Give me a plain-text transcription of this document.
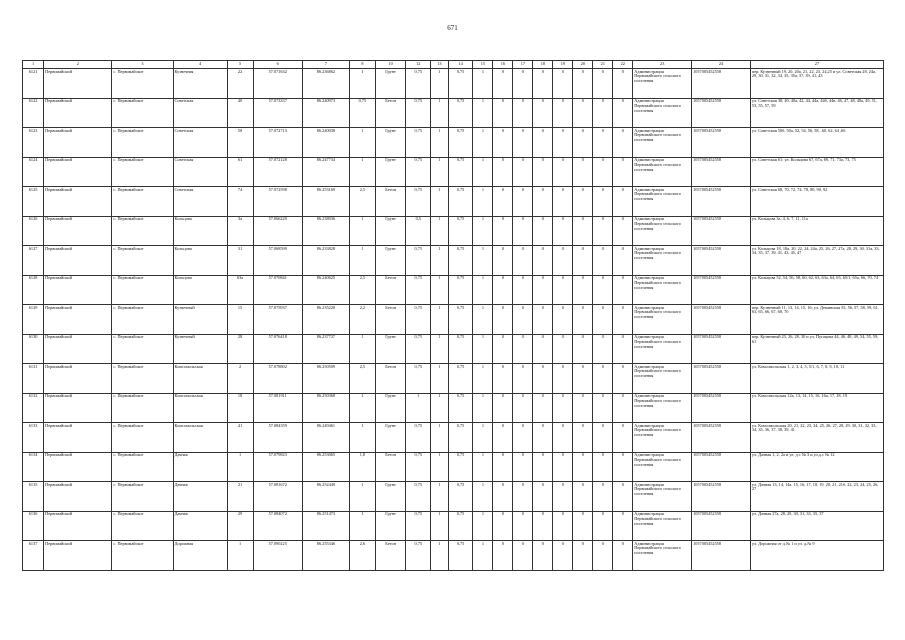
671
1	2	3	4	5	6	7	8	10	12	13	14	15	16	17	18	19	20	21	22	23	24	27
6121	Первомайский	с. Первомайское	Кузнечная	22	57.071632	86.236862	1	Грунт	0,75	1	0,75	1	0	0	0	0	0	0	0	Администрация Первомайского сельского поселения	1057005452558	пер. Кузнечный 19, 20, 20а, 21, 22, 23, 24,25 и ул. Советская 28, 24а, 29, 30, 31, 32, 34, 35, 35а, 37, 39, 41, 43
6122	Первомайский	с. Первомайское	Советская	40	57.073337	86.240973	0,75	Бетон	0,75	1	0,75	1	0	0	0	0	0	0	0	Администрация Первомайского сельского поселения	1057005452558	ул. Советская 38, 40, 40а, 42, 44, 44а, 44б, 44в, 46, 47, 48, 48а, 49, 51, 53, 55, 57, 59
6123	Первомайский	с. Первомайское	Советская	58	57.072713	86.240038	1	Грунт	0,75	1	0,75	1	0	0	0	0	0	0	0	Администрация Первомайского сельского поселения	1057005452558	ул. Советская 50б, 50а, 52, 54, 56, 58, ,60, 62, 64 ,66
6124	Первомайский	с. Первомайское	Советская	61	57.072128	86.247734	1	Грунт	0,75	1	0,75	1	0	0	0	0	0	0	0	Администрация Первомайского сельского поселения	1057005452558	ул. Советская 61; ул. Кольцова 67, 67а, 69, 71, 73а, 73, 75
6125	Первомайский	с. Первомайское	Советская	74	57.072598	86.253169	2,5	Бетон	0,75	1	0,75	1	0	0	0	0	0	0	0	Администрация Первомайского сельского поселения	1057005452558	ул. Советская 68, 70, 72, 74, 78, 80, 90, 92
6126	Первомайский	с. Первомайское	Кольцова	3а	57.066229	86.238036	1	Грунт	0,5	1	0,75	1	0	0	0	0	0	0	0	Администрация Первомайского сельского поселения	1057005452558	ул. Кольцова 3а, 4, 6, 7, 11, 11а
6127	Первомайский	с. Первомайское	Кольцова	31	57.068599	86.233828	1	Грунт	0,75	1	0,75	1	0	0	0	0	0	0	0	Администрация Первомайского сельского поселения	1057005452558	ул. Кольцова 18, 18а, 20, 22, 24, 24а, 25, 26, 27, 27а, 28, 29, 30, 31а, 33, 34, 35, 37, 39, 41, 43, 45, 47
6128	Первомайский	с. Первомайское	Кольцова	63а	57.070841	86.240625	2,5	Бетон	0,75	1	0,75	1	0	0	0	0	0	0	0	Администрация Первомайского сельского поселения	1057005452558	ул. Кольцова 52, 54, 56, 58, 60, 62, 63, 63а, 64, 65, 65/1, 65а, 66, 70, 74
6129	Первомайский	с. Первомайское	Кузнечный	15	57.075937	86.235220	2,2	Бетон	0,75	1	0,75	1	0	0	0	0	0	0	0	Администрация Первомайского сельского поселения	1057005452558	пер. Кузнечный 11, 13, 14, 15, 16; ул. Деминская 55, 56, 57, 58, 59, 61, 63, 65, 66, 67, 68, 70
6130	Первомайский	с. Первомайское	Кузнечный	28	57.076418	86.237737	1	Грунт	0,75	1	0,75	1	0	0	0	0	0	0	0	Администрация Первомайского сельского поселения	1057005452558	пер. Кузнечный 23, 26, 28, 30 и ул. Пугацова 44, 46, 48, 49, 54, 55, 59, 61
6131	Первомайский	с. Первомайское	Комсомольская	2	57.078802	86.250509	2,5	Бетон	0,75	1	0,75	1	0	0	0	0	0	0	0	Администрация Первомайского сельского поселения	1057005452558	ул. Комсомольская 1, 2, 3, 4, 5, 5/1, 6, 7, 8, 9, 10, 11
6132	Первомайский	с. Первомайское	Комсомольская	18	57.081911	86.250368	1	Грунт	1	1	0,75	1	0	0	0	0	0	0	0	Администрация Первомайского сельского поселения	1057005452558	ул. Комсомольская 12а, 13, 14, 15, 16, 16а, 17, 18, 19
6133	Первомайский	с. Первомайское	Комсомольская	41	57.084359	86.249461	1	Грунт	0,75	1	0,75	1	0	0	0	0	0	0	0	Администрация Первомайского сельского поселения	1057005452558	ул. Комсомольская 20, 21, 22, 23, 24, 25, 26, 27, 28, 29, 30, 31, 32, 33, 34, 35, 36, 37, 38, 39, 41
6134	Первомайский	с. Первомайское	Дачная	1	57.079823	86.253065	1,8	Бетон	0,75	1	0,75	1	0	0	0	0	0	0	0	Администрация Первомайского сельского поселения	1057005452558	ул. Дачная 1, 2, 2а и ул. д.с № 3 и ул.д.с № 12
6135	Первомайский	с. Первомайское	Дачная	21	57.081672	86.252449	1	Грунт	0,75	1	0,75	1	0	0	0	0	0	0	0	Администрация Первомайского сельского поселения	1057005452558	ул. Дачная 13, 14, 14а, 15, 16, 17, 18, 19, 20, 21, 21б, 22, 23, 24, 25, 26, 27
6136	Первомайский	с. Первомайское	Дачная	29	57.084072	86.251473	1	Грунт	0,75	1	0,75	1	0	0	0	0	0	0	0	Администрация Первомайского сельского поселения	1057005452558	ул. Дачная 27а, 28, 29, 30, 31, 33, 35, 37
6137	Первомайский	с. Первомайское	Дорожная	1	57.090225	86.255346	2,6	Бетон	0,75	1	0,75	1	0	0	0	0	0	0	0	Администрация Первомайского сельского поселения	1057005452558	ул. Дорожная от д.№ 1 и ул. д.№ 9
